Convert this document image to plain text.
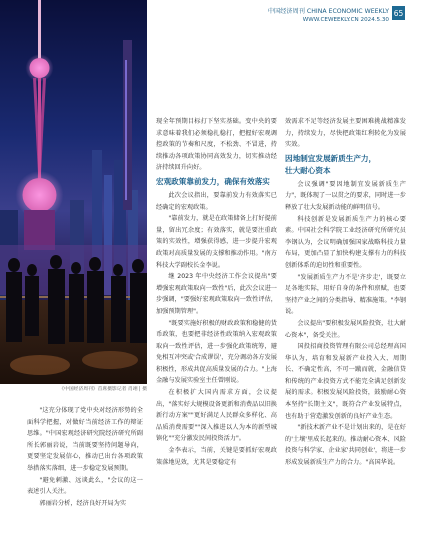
中国经济周刊 CHINA ECONOMIC WEEKLY
WWW.CEWEEKLY.CN 2024.5.30
65
《中国经济周刊》首席摄影记者 肖翊 | 摄

"这充分体现了党中央对经济形势的全面科学把握，对做好当前经济工作的辩证思维。"中国宏观经济研究院经济研究所副所长郭丽岩说，当前既要坚持问题导向，更要坚定发展信心，推动已出台各项政策举措落实落细，进一步稳定发展预期。

"避免刺激、远谈此么，"会议的这一表述引人关注。

郭丽岩分析，经济良好开局为实

现全年预期目标打下坚实基础。变中央的要求意味着我们必须稳扎稳打，把握好宏观调控政策的节奏和尺度，不松劲、不冒进，持续推动各项政策协同高效发力，切实推动经济持续回升向好。

宏观政策靠前发力，确保有效落实

此次会议指出，要靠前发力有效落实已经确定的宏观政策。

"靠前发力，就是在政策储备上打好提前量，留出冗余度；有效落实，就是要注重政策的实效性，增强获得感，进一步提升宏观政策对高质量发展的支撑和推动作用。"南方科技大学副校长金李说。

继 2023 年中央经济工作会议提出"要增强宏观政策取向一致性"后，此次会议进一步强调，"要强好宏观政策取向一致性评估，加强预期管理"。

"既要实施好积极的财政政策和稳健的货币政策，也要把非经济性政策纳入宏观政策取向一致性评估，进一步强化政策统筹，避免相互冲突或'合成谬误'，充分调动各方发展积极性，形成共促高质量发展的合力。"上海金融与发展实验室主任曾刚说。

在积极扩大国内需求方面，会议提出，"落实好大规模设备更新和消费品以旧换新行动方案""更好满足人民群众多样化、高品质消费需要""深入推进以人为本的新型城镇化""充分激发民间投资活力"。

金李表示，当前，关键是要抓好宏观政策落地见效，尤其是要稳定有

效需求不足等经济发展主要困难挑战精准发力，持续发力，尽快把政策红利转化为发展实效。

因地制宜发展新质生产力，
壮大耐心资本

会议强调"要因地制宜发展新质生产力"，既体现了一以贯之的要求，同时进一步释放了壮大发展新动能的鲜明信号。

科技创新是发展新质生产力的核心要素。中国社会科学院工业经济研究所研究员李钢认为，会议明确加强国家战略科技力量布局，更加凸显了加快构建支撑有力的科技创新体系的迫切性和重要性。

"发展新质生产力不是'齐步走'，既要立足各地实际，用好自身的条件和禀赋，也要坚持产业之间的分类指导、精准施策。"李钢说。

会议提出"要积极发展风险投资，壮大耐心资本"，备受关注。

国投招商投资管理有限公司总经理高国华认为，培育和发展新产业投入大、周期长、不确定性高，不可一蹴而就，金融信贷和传统的产业投资方式不能完全满足创新发展的需求。积极发展风险投资，鼓励耐心资本坚持"长期主义"，既符合产业发展特点，也有助于营造激发创新的良好产业生态。

"新技术新产业不是计划出来的，是在好的'土壤'里成长起来的。推动耐心资本、风险投资与科学家、企业家'共同创业'，将进一步形成发展新质生产力的合力。"高国华说。
